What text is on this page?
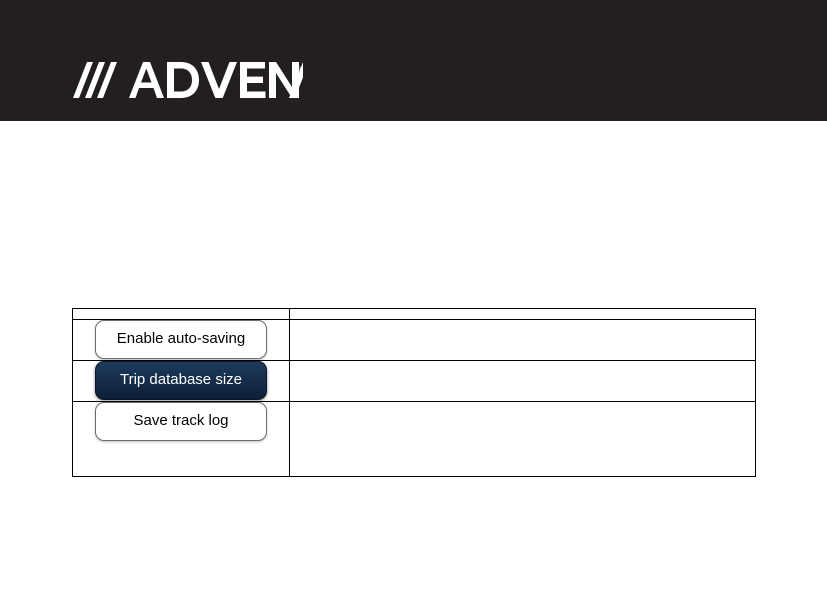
®

Enable auto-saving	
Trip database size	
Save track log	
